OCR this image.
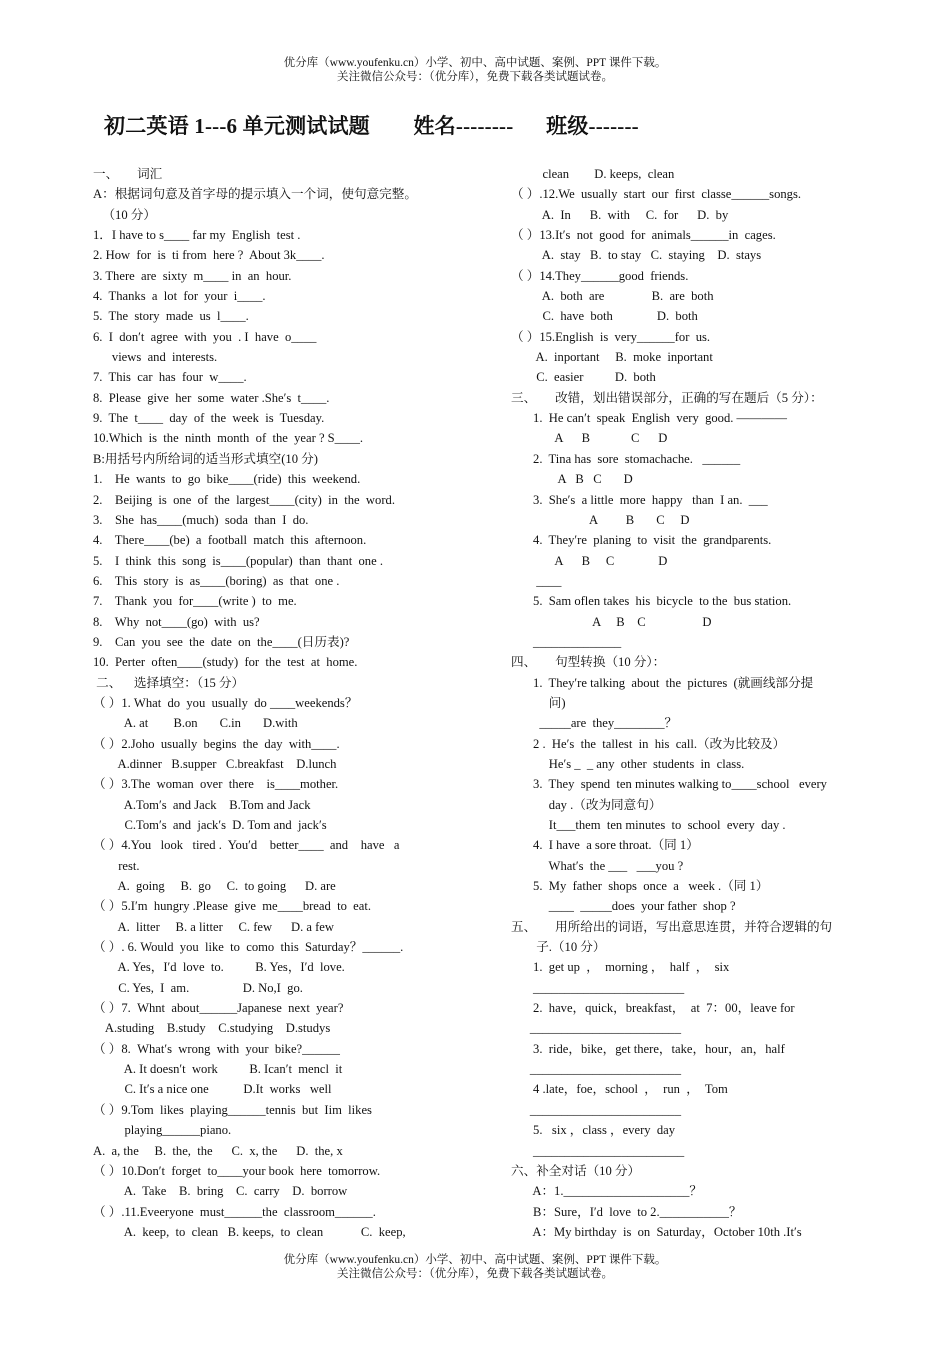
优分库（www.youfenku.cn）小学、初中、高中试题、案例、PPT 课件下载。
关注微信公众号：（优分库），免费下载各类试题试卷。
初二英语 1---6 单元测试试题        姓名--------      班级-------
一、      词汇
A：根据词句意及首字母的提示填入一个词，使句意完整。
（10 分）
1．I have to s____ far my  English  test .
2. How  for  is  ti from  here ?  About 3k____.
3. There  are  sixty  m____ in  an  hour.
4.  Thanks  a  lot  for  your  i____.
5.  The  story  made  us  l____.
6.  I  don′t  agree  with  you  . I  have  o____
views  and  interests.
7.  This  car  has  four  w____.
8.  Please  give  her  some  water .She′s  t____.
9.  The  t____  day  of  the  week  is  Tuesday.
10.Which  is  the  ninth  month  of  the  year ? S____.
B:用括号内所给词的适当形式填空(10 分)
1.    He  wants  to  go  bike____(ride)  this  weekend.
2.    Beijing  is  one  of  the  largest____(city)  in  the  word.
3.    She  has____(much)  soda  than  I  do.
4.    There____(be)  a  football  match  this  afternoon.
5.    I  think  this  song  is____(popular)  than  thant  one .
6.    This  story  is  as____(boring)  as  that  one .
7.    Thank  you  for____(write )  to  me.
8.    Why  not____(go)  with  us?
9.    Can  you  see  the  date  on  the____(日历表)?
10.  Perter  often____(study)  for  the  test  at  home.
二、    选择填空：（15 分）
（ ）1. What  do  you  usually  do ____weekends？
A. at        B.on       C.in       D.with
（ ）2.Joho  usually  begins  the  day  with____.
A.dinner   B.supper   C.breakfast    D.lunch
（ ）3.The  woman  over  there    is____mother.
A.Tom′s  and Jack    B.Tom and Jack
C.Tom′s  and  jack′s  D. Tom and  jack′s
（ ）4.You   look   tired .  You′d    better____  and    have   a
rest.
A.  going     B.  go     C.  to going      D. are
（ ）5.I′m  hungry .Please  give  me____bread  to  eat.
A.  litter     B. a litter     C. few      D. a few
（ ）. 6. Would  you  like  to  como  this  Saturday？______.
A. Yes，I′d  love  to.          B. Yes，I′d  love.
C. Yes,  I  am.                 D. No,I  go.
（ ）7.  Whnt  about______Japanese  next  year?
A.studing    B.study    C.studying    D.studys
（ ）8.  What′s  wrong  with  your  bike?______
A. It doesn′t  work          B. Ican′t  mencl  it
C. It′s a nice one           D.It  works   well
（ ）9.Tom  likes  playing______tennis  but  Iim  likes
playing______piano.
A.  a, the     B.  the,  the      C.  x, the      D.  the, x
（ ）10.Don′t  forget  to____your book  here  tomorrow.
A.  Take    B.  bring    C.  carry    D.  borrow
（ ）.11.Eveeryone  must______the  classroom______.
A.  keep,  to  clean   B. keeps,  to  clean            C.  keep,
clean        D. keeps,  clean
（ ）.12.We  usually  start  our  first  classe______songs.
A.  In      B.  with     C.  for      D.  by
（ ）13.It′s  not  good  for  animals______in  cages.
A.  stay   B.  to stay   C.  staying    D.  stays
（ ）14.They______good  friends.
A.  both  are               B.  are  both
C.  have  both              D.  both
（ ）15.English  is  very______for  us.
A.  inportant     B.  moke  inportant
C.  easier          D.  both
三、      改错，划出错误部分，正确的写在题后（5 分）：
1.  He can′t  speak  English  very  good. ————
A      B             C      D
2.  Tina has  sore  stomachache.   ______
A   B   C       D
3.  She′s  a little  more  happy   than  I an.  ___
A         B       C     D
4.  They′re  planing  to  visit  the  grandparents.
A      B     C              D
____
5.  Sam oflen takes  his  bicycle  to the  bus station.
A     B    C                  D
______________
四、      句型转换（10 分）：
1.  They′re talking  about  the  pictures  (就画线部分提
问)
_____are  they________？
2 .  He′s  the  tallest  in  his  call.（改为比较及）
He′s _  _ any  other  students  in  class.
3.  They  spend  ten minutes walking to____school   every
day .（改为同意句）
It___them  ten minutes  to  school  every  day .
4.  I have  a sore throat.（同 1）
What′s  the ___   ___you ?
5.  My  father  shops  once  a   week .（同 1）
____  _____does  your father  shop ?
五、      用所给出的词语，写出意思连贯，并符合逻辑的句
子.（10 分）
1.  get up  ，  morning ，  half  ，  six
________________________
2.  have，quick，breakfast，  at  7：00，leave for
________________________
3.  ride，bike，get there，take，hour，an，half
________________________
4 .late，foe，school  ，  run  ，  Tom
________________________
5.   six ，class ，every  day
________________________
六、补全对话（10 分）
A：1.____________________？
B：Sure，I′d  love  to 2.___________？
A：My birthday  is  on  Saturday，October 10th .It′s
优分库（www.youfenku.cn）小学、初中、高中试题、案例、PPT 课件下载。
关注微信公众号：（优分库），免费下载各类试题试卷。
